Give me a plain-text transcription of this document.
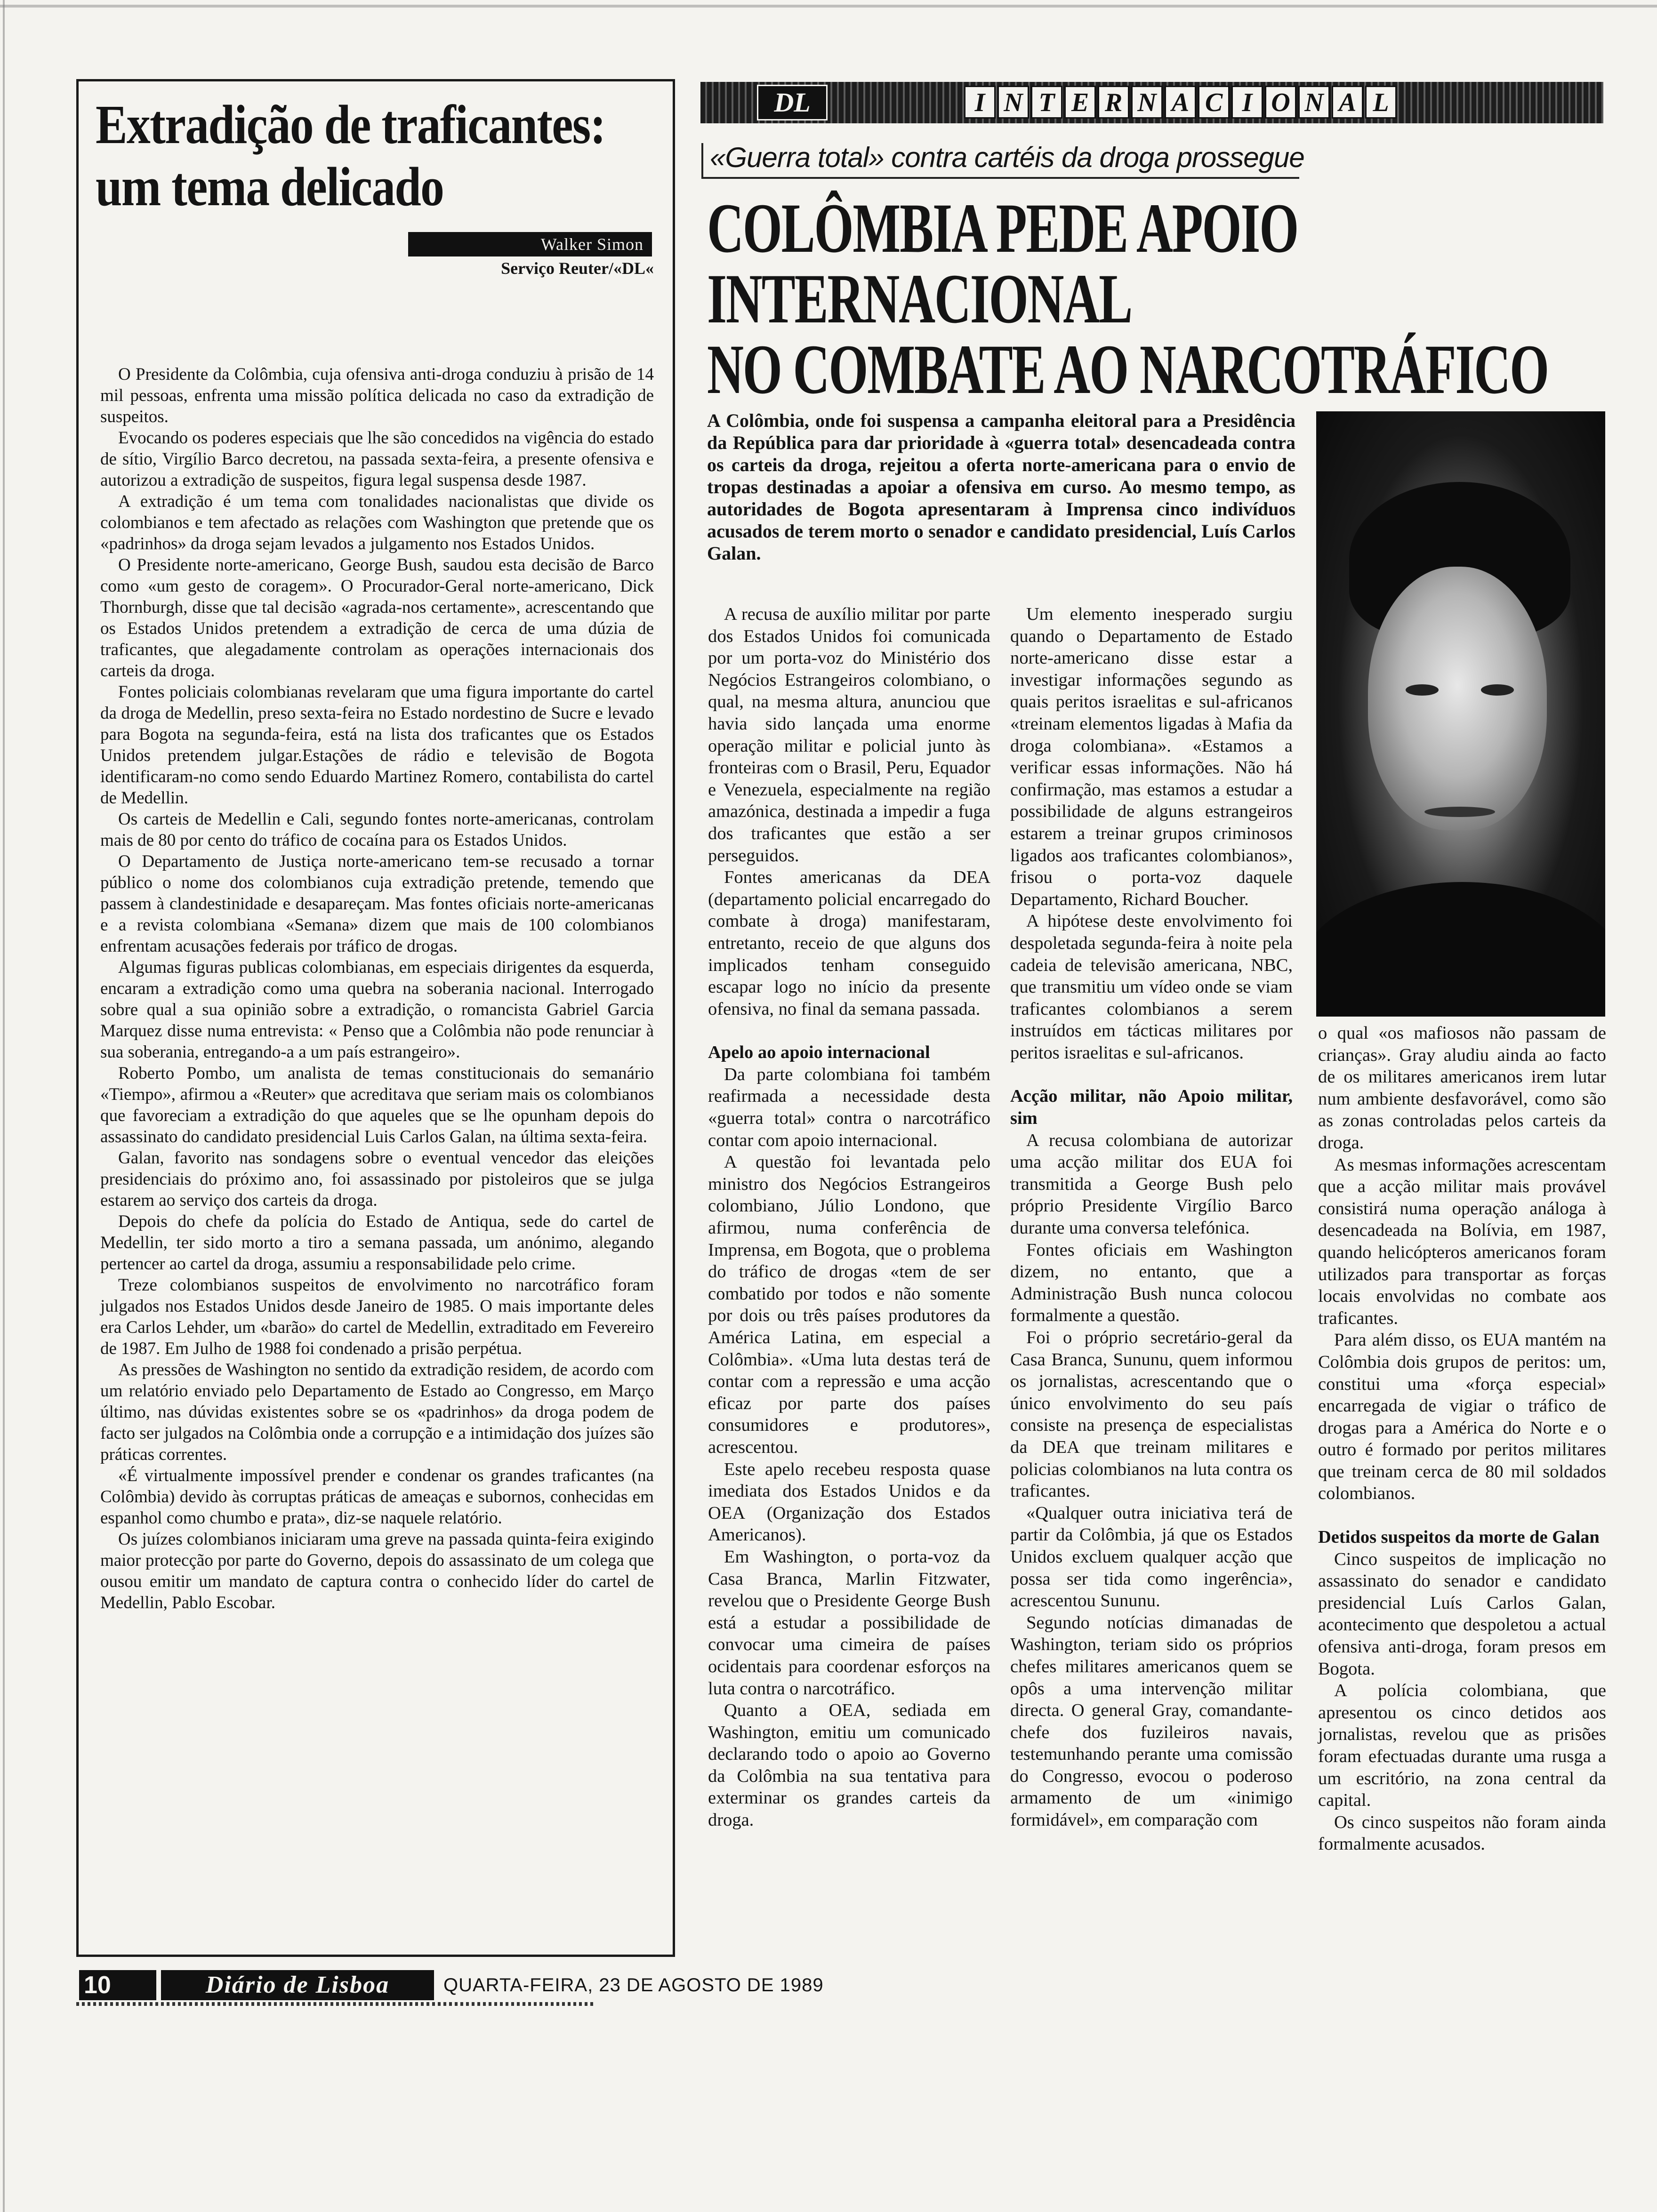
Extradição de traficantes:
um tema delicado
Walker Simon
Serviço Reuter/«DL«

O Presidente da Colômbia, cuja ofensiva anti-droga conduziu à prisão de 14 mil pessoas, enfrenta uma missão política delicada no caso da extradição de suspeitos.

Evocando os poderes especiais que lhe são concedidos na vigência do estado de sítio, Virgílio Barco decretou, na passada sexta-feira, a presente ofensiva e autorizou a extradição de suspeitos, figura legal suspensa desde 1987.

A extradição é um tema com tonalidades nacionalistas que divide os colombianos e tem afectado as relações com Washington que pretende que os «padrinhos» da droga sejam levados a julgamento nos Estados Unidos.

O Presidente norte-americano, George Bush, saudou esta decisão de Barco como «um gesto de coragem». O Procurador-Geral norte-americano, Dick Thornburgh, disse que tal decisão «agrada-nos certamente», acrescentando que os Estados Unidos pretendem a extradição de cerca de uma dúzia de traficantes, que alegadamente controlam as operações internacionais dos carteis da droga.

Fontes policiais colombianas revelaram que uma figura importante do cartel da droga de Medellin, preso sexta-feira no Estado nordestino de Sucre e levado para Bogota na segunda-feira, está na lista dos traficantes que os Estados Unidos pretendem julgar.Estações de rádio e televisão de Bogota identificaram-no como sendo Eduardo Martinez Romero, contabilista do cartel de Medellin.

Os carteis de Medellin e Cali, segundo fontes norte-americanas, controlam mais de 80 por cento do tráfico de cocaína para os Estados Unidos.

O Departamento de Justiça norte-americano tem-se recusado a tornar público o nome dos colombianos cuja extradição pretende, temendo que passem à clandestinidade e desapareçam. Mas fontes oficiais norte-americanas e a revista colombiana «Semana» dizem que mais de 100 colombianos enfrentam acusações federais por tráfico de drogas.

Algumas figuras publicas colombianas, em especiais dirigentes da esquerda, encaram a extradição como uma quebra na soberania nacional. Interrogado sobre qual a sua opinião sobre a extradição, o romancista Gabriel Garcia Marquez disse numa entrevista: « Penso que a Colômbia não pode renunciar à sua soberania, entregando-a a um país estrangeiro».

Roberto Pombo, um analista de temas constitucionais do semanário «Tiempo», afirmou a «Reuter» que acreditava que seriam mais os colombianos que favoreciam a extradição do que aqueles que se lhe opunham depois do assassinato do candidato presidencial Luis Carlos Galan, na última sexta-feira.

Galan, favorito nas sondagens sobre o eventual vencedor das eleições presidenciais do próximo ano, foi assassinado por pistoleiros que se julga estarem ao serviço dos carteis da droga.

Depois do chefe da polícia do Estado de Antiqua, sede do cartel de Medellin, ter sido morto a tiro a semana passada, um anónimo, alegando pertencer ao cartel da droga, assumiu a responsabilidade pelo crime.

Treze colombianos suspeitos de envolvimento no narcotráfico foram julgados nos Estados Unidos desde Janeiro de 1985. O mais importante deles era Carlos Lehder, um «barão» do cartel de Medellin, extraditado em Fevereiro de 1987. Em Julho de 1988 foi condenado a prisão perpétua.

As pressões de Washington no sentido da extradição residem, de acordo com um relatório enviado pelo Departamento de Estado ao Congresso, em Março último, nas dúvidas existentes sobre se os «padrinhos» da droga podem de facto ser julgados na Colômbia onde a corrupção e a intimidação dos juízes são práticas correntes.

«É virtualmente impossível prender e condenar os grandes traficantes (na Colômbia) devido às corruptas práticas de ameaças e subornos, conhecidas em espanhol como chumbo e prata», diz-se naquele relatório.

Os juízes colombianos iniciaram uma greve na passada quinta-feira exigindo maior protecção por parte do Governo, depois do assassinato de um colega que ousou emitir um mandato de captura contra o conhecido líder do cartel de Medellin, Pablo Escobar.

DL	I N T E R N A C I O N A L
«Guerra total» contra cartéis da droga prossegue
COLÔMBIA PEDE APOIO
INTERNACIONAL
NO COMBATE AO NARCOTRÁFICO

A Colômbia, onde foi suspensa a campanha eleitoral para a Presidência da República para dar prioridade à «guerra total» desencadeada contra os carteis da droga, rejeitou a oferta norte-americana para o envio de tropas destinadas a apoiar a ofensiva em curso. Ao mesmo tempo, as autoridades de Bogota apresentaram à Imprensa cinco indivíduos acusados de terem morto o senador e candidato presidencial, Luís Carlos Galan.

A recusa de auxílio militar por parte dos Estados Unidos foi comunicada por um porta-voz do Ministério dos Negócios Estrangeiros colombiano, o qual, na mesma altura, anunciou que havia sido lançada uma enorme operação militar e policial junto às fronteiras com o Brasil, Peru, Equador e Venezuela, especialmente na região amazónica, destinada a impedir a fuga dos traficantes que estão a ser perseguidos.

Fontes americanas da DEA (departamento policial encarregado do combate à droga) manifestaram, entretanto, receio de que alguns dos implicados tenham conseguido escapar logo no início da presente ofensiva, no final da semana passada.

Apelo ao apoio internacional

Da parte colombiana foi também reafirmada a necessidade desta «guerra total» contra o narcotráfico contar com apoio internacional.

A questão foi levantada pelo ministro dos Negócios Estrangeiros colombiano, Júlio Londono, que afirmou, numa conferência de Imprensa, em Bogota, que o problema do tráfico de drogas «tem de ser combatido por todos e não somente por dois ou três países produtores da América Latina, em especial a Colômbia». «Uma luta destas terá de contar com a repressão e uma acção eficaz por parte dos países consumidores e produtores», acrescentou.

Este apelo recebeu resposta quase imediata dos Estados Unidos e da OEA (Organização dos Estados Americanos).

Em Washington, o porta-voz da Casa Branca, Marlin Fitzwater, revelou que o Presidente George Bush está a estudar a possibilidade de convocar uma cimeira de países ocidentais para coordenar esforços na luta contra o narcotráfico.

Quanto a OEA, sediada em Washington, emitiu um comunicado declarando todo o apoio ao Governo da Colômbia na sua tentativa para exterminar os grandes carteis da droga.

Um elemento inesperado surgiu quando o Departamento de Estado norte-americano disse estar a investigar informações segundo as quais peritos israelitas e sul-africanos «treinam elementos ligadas à Mafia da droga colombiana». «Estamos a verificar essas informações. Não há confirmação, mas estamos a estudar a possibilidade de alguns estrangeiros estarem a treinar grupos criminosos ligados aos traficantes colombianos», frisou o porta-voz daquele Departamento, Richard Boucher.

A hipótese deste envolvimento foi despoletada segunda-feira à noite pela cadeia de televisão americana, NBC, que transmitiu um vídeo onde se viam traficantes colombianos a serem instruídos em tácticas militares por peritos israelitas e sul-africanos.

Acção militar, não Apoio militar, sim

A recusa colombiana de autorizar uma acção militar dos EUA foi transmitida a George Bush pelo próprio Presidente Virgílio Barco durante uma conversa telefónica.

Fontes oficiais em Washington dizem, no entanto, que a Administração Bush nunca colocou formalmente a questão.

Foi o próprio secretário-geral da Casa Branca, Sununu, quem informou os jornalistas, acrescentando que o único envolvimento do seu país consiste na presença de especialistas da DEA que treinam militares e policias colombianos na luta contra os traficantes.

«Qualquer outra iniciativa terá de partir da Colômbia, já que os Estados Unidos excluem qualquer acção que possa ser tida como ingerência», acrescentou Sununu.

Segundo notícias dimanadas de Washington, teriam sido os próprios chefes militares americanos quem se opôs a uma intervenção militar directa. O general Gray, comandante-chefe dos fuzileiros navais, testemunhando perante uma comissão do Congresso, evocou o poderoso armamento de um «inimigo formidável», em comparação com

o qual «os mafiosos não passam de crianças». Gray aludiu ainda ao facto de os militares americanos irem lutar num ambiente desfavorável, como são as zonas controladas pelos carteis da droga.

As mesmas informações acrescentam que a acção militar mais provável consistirá numa operação análoga à desencadeada na Bolívia, em 1987, quando helicópteros americanos foram utilizados para transportar as forças locais envolvidas no combate aos traficantes.

Para além disso, os EUA mantém na Colômbia dois grupos de peritos: um, constitui uma «força especial» encarregada de vigiar o tráfico de drogas para a América do Norte e o outro é formado por peritos militares que treinam cerca de 80 mil soldados colombianos.

Detidos suspeitos da morte de Galan

Cinco suspeitos de implicação no assassinato do senador e candidato presidencial Luís Carlos Galan, acontecimento que despoletou a actual ofensiva anti-droga, foram presos em Bogota.

A polícia colombiana, que apresentou os cinco detidos aos jornalistas, revelou que as prisões foram efectuadas durante uma rusga a um escritório, na zona central da capital.

Os cinco suspeitos não foram ainda formalmente acusados.

10	Diário de Lisboa	QUARTA-FEIRA, 23 DE AGOSTO DE 1989
